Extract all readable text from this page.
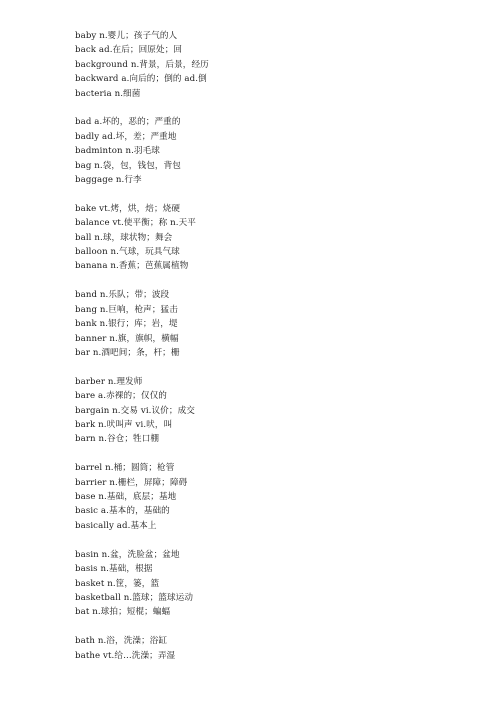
baby n.婴儿；孩子气的人
back ad.在后；回原处；回
background n.背景，后景，经历
backward a.向后的；倒的 ad.倒
bacteria n.细菌
bad a.坏的，恶的；严重的
badly ad.坏，差；严重地
badminton n.羽毛球
bag n.袋，包，钱包，背包
baggage n.行李
bake vt.烤，烘，焙；烧硬
balance vt.使平衡；称 n.天平
ball n.球，球状物；舞会
balloon n.气球，玩具气球
banana n.香蕉；芭蕉属植物
band n.乐队；带；波段
bang n.巨响，枪声；猛击
bank n.银行；库；岩，堤
banner n.旗，旗帜，横幅
bar n.酒吧间；条，杆；栅
barber n.理发师
bare a.赤裸的；仅仅的
bargain n.交易 vi.议价；成交
bark n.吠叫声 vi.吠，叫
barn n.谷仓；牲口棚
barrel n.桶；圆筒；枪管
barrier n.栅栏，屏障；障碍
base n.基础，底层；基地
basic a.基本的，基础的
basically ad.基本上
basin n.盆，洗脸盆；盆地
basis n.基础，根据
basket n.筐，篓，篮
basketball n.篮球；篮球运动
bat n.球拍；短棍；蝙蝠
bath n.浴，洗澡；浴缸
bathe vt.给…洗澡；弄湿
